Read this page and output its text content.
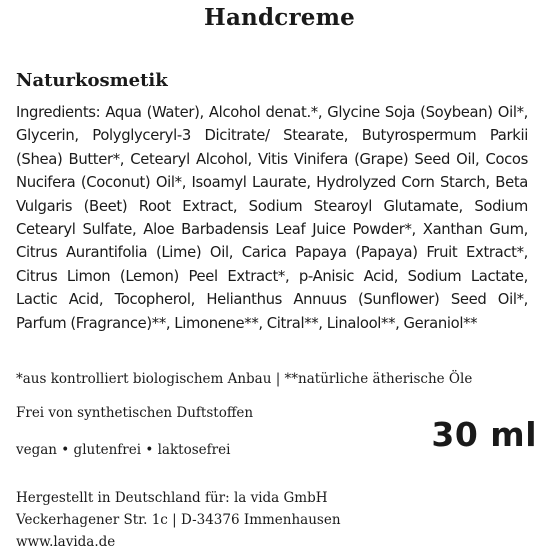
Handcreme
Naturkosmetik
Ingredients: Aqua (Water), Alcohol denat.*, Glycine Soja (Soybean) Oil*, Glycerin, Polyglyceryl-3 Dicitrate/ Stearate, Butyrospermum Parkii (Shea) Butter*, Cetearyl Alcohol, Vitis Vinifera (Grape) Seed Oil, Cocos Nucifera (Coconut) Oil*, Isoamyl Laurate, Hydrolyzed Corn Starch, Beta Vulgaris (Beet) Root Extract, Sodium Stearoyl Glutamate, Sodium Cetearyl Sulfate, Aloe Barbadensis Leaf Juice Powder*, Xanthan Gum, Citrus Aurantifolia (Lime) Oil, Carica Papaya (Papaya) Fruit Extract*, Citrus Limon (Lemon) Peel Extract*, p-Anisic Acid, Sodium Lactate, Lactic Acid, Tocopherol, Helianthus Annuus (Sunflower) Seed Oil*, Parfum (Fragrance)**, Limonene**, Citral**, Linalool**, Geraniol**
*aus kontrolliert biologischem Anbau | **natürliche ätherische Öle
Frei von synthetischen Duftstoffen
vegan • glutenfrei • laktosefrei	30 ml
Hergestellt in Deutschland für: la vida GmbH
Veckerhagener Str. 1c | D-34376 Immenhausen
www.lavida.de
